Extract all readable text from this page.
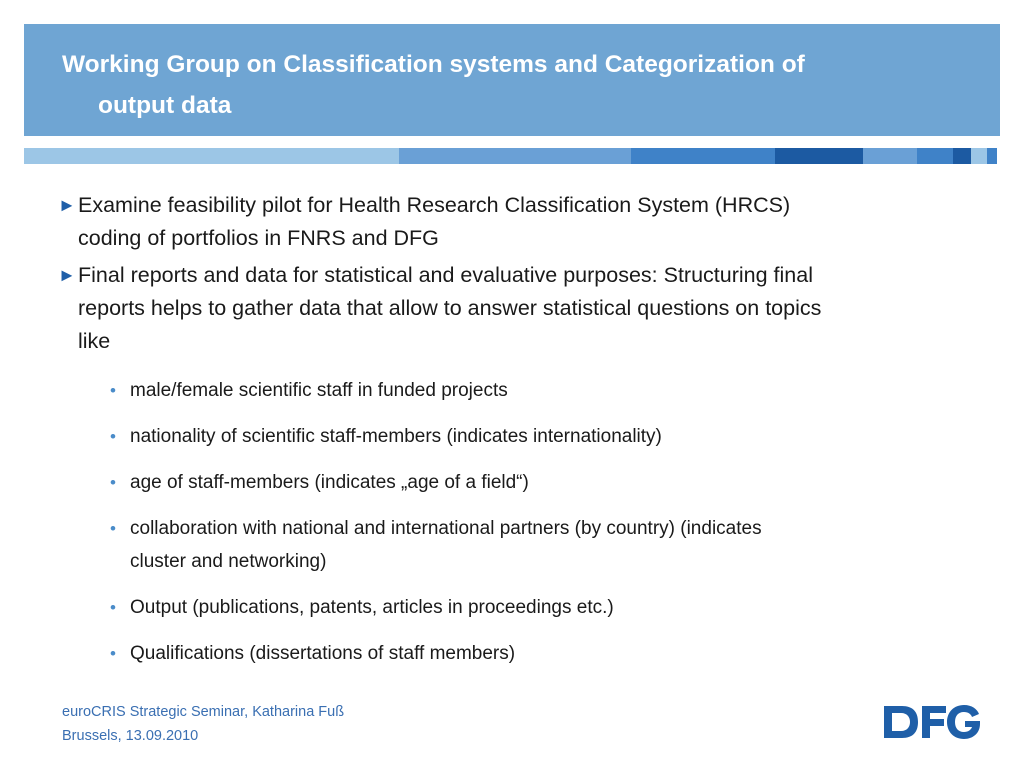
Working Group on Classification systems and Categorization of
output data
► Examine feasibility pilot for Health Research Classification System (HRCS)
coding of portfolios in FNRS and DFG
► Final reports and data for statistical and evaluative purposes: Structuring final
reports helps to gather data that allow to answer statistical questions on topics
like
• male/female scientific staff in funded projects
• nationality of scientific staff-members (indicates internationality)
• age of staff-members (indicates „age of a field“)
• collaboration with national and international partners (by country) (indicates
cluster and networking)
• Output (publications, patents, articles in proceedings etc.)
• Qualifications (dissertations of staff members)
euroCRIS Strategic Seminar, Katharina Fuß
Brussels, 13.09.2010
